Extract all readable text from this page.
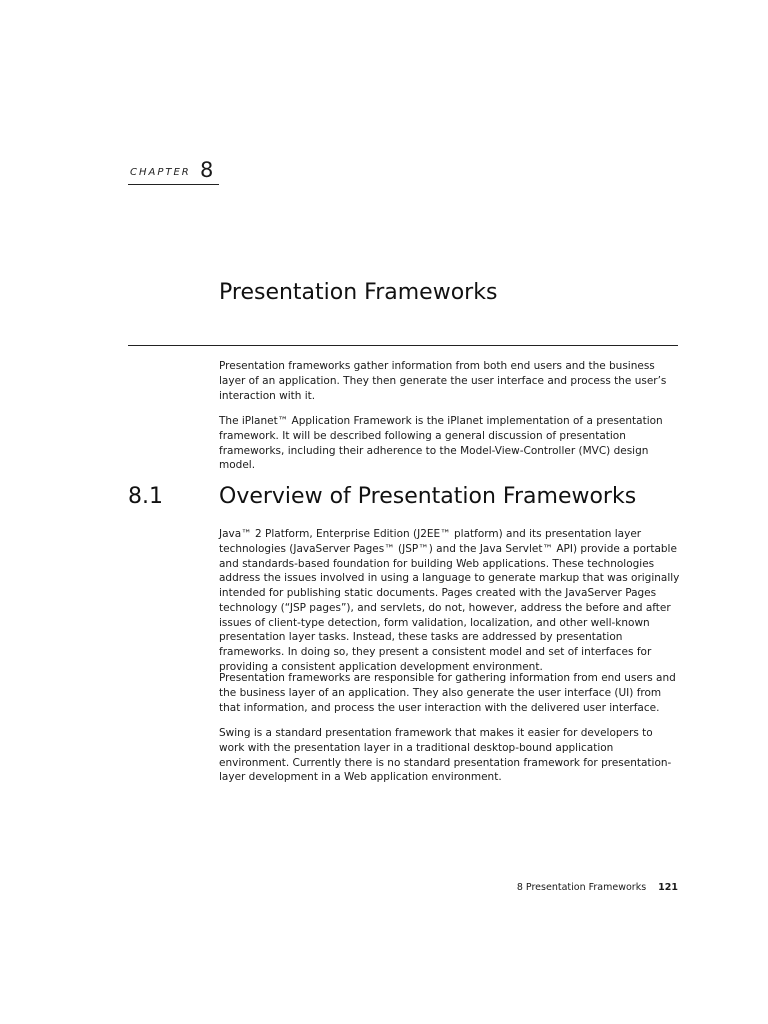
CHAPTER 8
Presentation Frameworks

Presentation frameworks gather information from both end users and the business layer of an application. They then generate the user interface and process the user’s interaction with it.

The iPlanet™ Application Framework is the iPlanet implementation of a presentation framework. It will be described following a general discussion of presentation frameworks, including their adherence to the Model-View-Controller (MVC) design model.

8.1	Overview of Presentation Frameworks

Java™ 2 Platform, Enterprise Edition (J2EE™ platform) and its presentation layer technologies (JavaServer Pages™ (JSP™) and the Java Servlet™ API) provide a portable and standards-based foundation for building Web applications. These technologies address the issues involved in using a language to generate markup that was originally intended for publishing static documents. Pages created with the JavaServer Pages technology (“JSP pages”), and servlets, do not, however, address the before and after issues of client-type detection, form validation, localization, and other well-known presentation layer tasks. Instead, these tasks are addressed by presentation frameworks. In doing so, they present a consistent model and set of interfaces for providing a consistent application development environment.

Presentation frameworks are responsible for gathering information from end users and the business layer of an application. They also generate the user interface (UI) from that information, and process the user interaction with the delivered user interface.

Swing is a standard presentation framework that makes it easier for developers to work with the presentation layer in a traditional desktop-bound application environment. Currently there is no standard presentation framework for presentation-layer development in a Web application environment.

8 Presentation Frameworks 121
